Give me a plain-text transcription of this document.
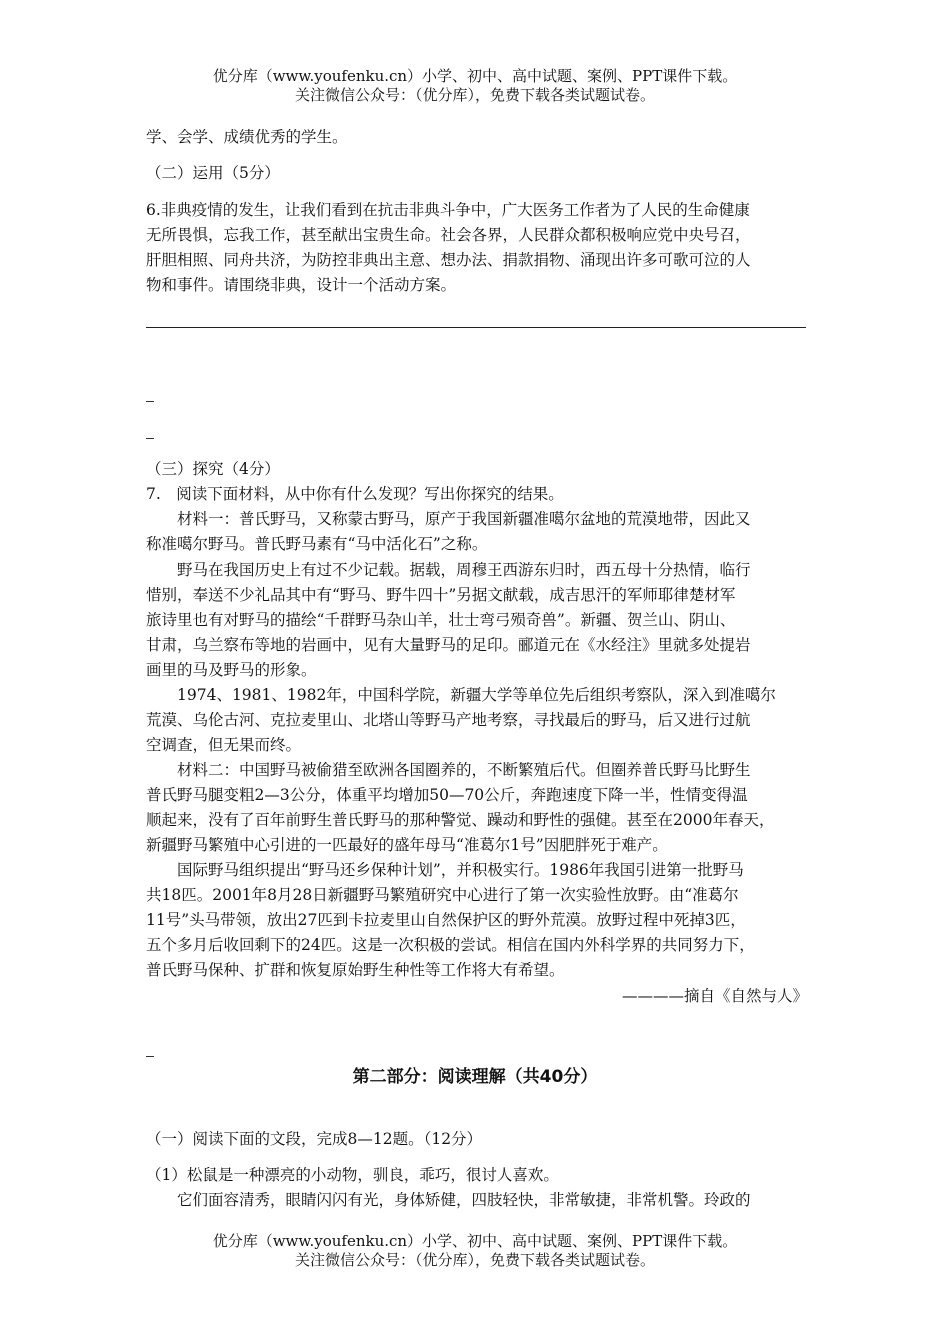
优分库（www.youfenku.cn）小学、初中、高中试题、案例、PPT课件下载。
关注微信公众号：（优分库），免费下载各类试题试卷。
学、会学、成绩优秀的学生。
（二）运用（5分）
6.非典疫情的发生，让我们看到在抗击非典斗争中，广大医务工作者为了人民的生命健康
无所畏惧，忘我工作，甚至献出宝贵生命。社会各界，人民群众都积极响应党中央号召，
肝胆相照、同舟共济，为防控非典出主意、想办法、捐款捐物、涌现出许多可歌可泣的人
物和事件。请围绕非典，设计一个活动方案。
（三）探究（4分）
7.　阅读下面材料，从中你有什么发现？写出你探究的结果。
材料一：普氏野马，又称蒙古野马，原产于我国新疆准噶尔盆地的荒漠地带，因此又
称准噶尔野马。普氏野马素有“马中活化石”之称。
野马在我国历史上有过不少记载。据载，周穆王西游东归时，西五母十分热情，临行
惜别，奉送不少礼品其中有“野马、野牛四十”另据文献载，成吉思汗的军师耶律楚材军
旅诗里也有对野马的描绘“千群野马杂山羊，壮士弯弓殒奇兽”。新疆、贺兰山、阴山、
甘肃，乌兰察布等地的岩画中，见有大量野马的足印。郦道元在《水经注》里就多处提岩
画里的马及野马的形象。
1974、1981、1982年，中国科学院，新疆大学等单位先后组织考察队，深入到准噶尔
荒漠、乌伦古河、克拉麦里山、北塔山等野马产地考察，寻找最后的野马，后又进行过航
空调查，但无果而终。
材料二：中国野马被偷猎至欧洲各国圈养的，不断繁殖后代。但圈养普氏野马比野生
普氏野马腿变粗2—3公分，体重平均增加50—70公斤，奔跑速度下降一半，性情变得温
顺起来，没有了百年前野生普氏野马的那种警觉、躁动和野性的强健。甚至在2000年春天，
新疆野马繁殖中心引进的一匹最好的盛年母马“准葛尔1号”因肥胖死于难产。
国际野马组织提出“野马还乡保种计划”，并积极实行。1986年我国引进第一批野马
共18匹。2001年8月28日新疆野马繁殖研究中心进行了第一次实验性放野。由“准葛尔
11号”头马带领，放出27匹到卡拉麦里山自然保护区的野外荒漠。放野过程中死掉3匹，
五个多月后收回剩下的24匹。这是一次积极的尝试。相信在国内外科学界的共同努力下，
普氏野马保种、扩群和恢复原始野生种性等工作将大有希望。
————摘自《自然与人》
第二部分：阅读理解（共40分）
（一）阅读下面的文段，完成8—12题。（12分）
（1）松鼠是一种漂亮的小动物，驯良，乖巧，很讨人喜欢。
它们面容清秀，眼睛闪闪有光，身体矫健，四肢轻快，非常敏捷，非常机警。玲政的
优分库（www.youfenku.cn）小学、初中、高中试题、案例、PPT课件下载。
关注微信公众号：（优分库），免费下载各类试题试卷。
